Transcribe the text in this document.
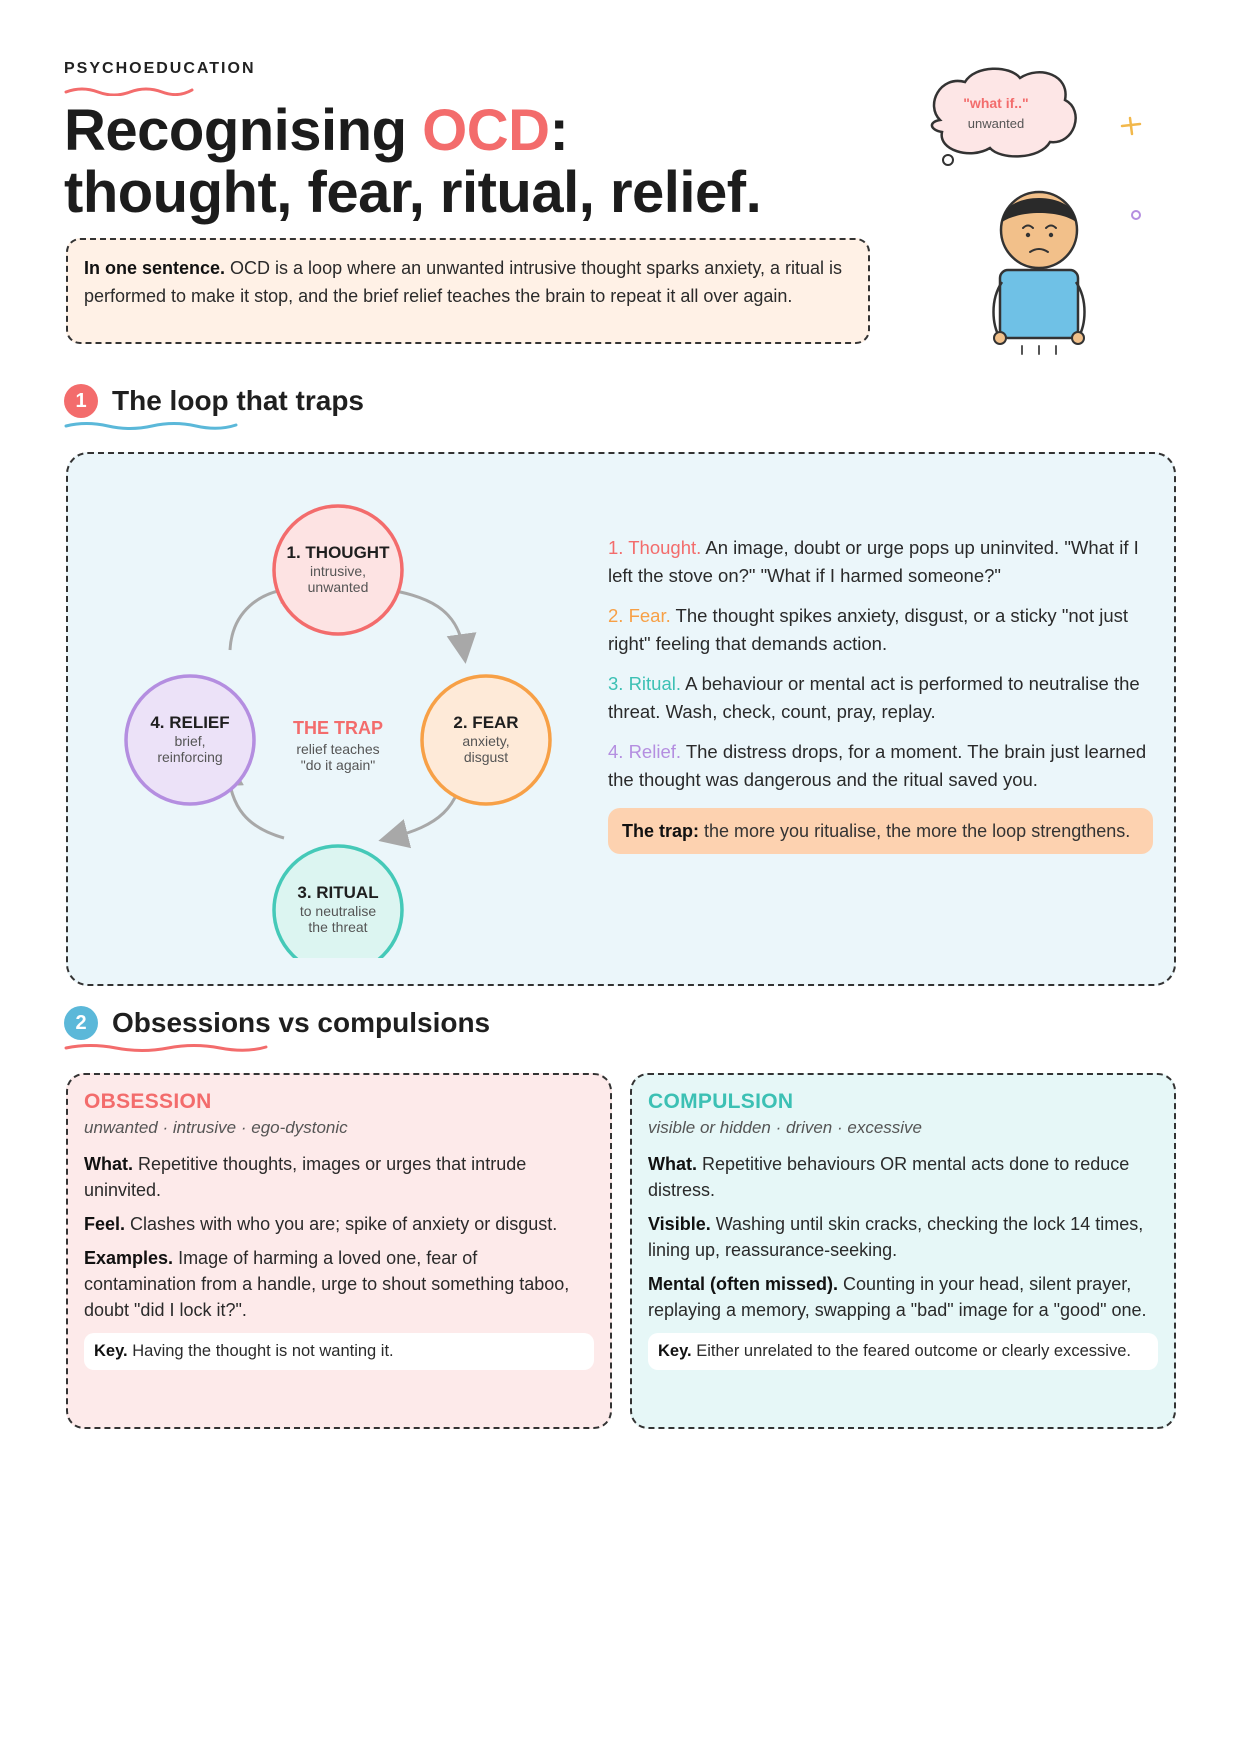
PSYCHOEDUCATION
Recognising OCD:
thought, fear, ritual, relief.
In one sentence. OCD is a loop where an unwanted intrusive thought sparks anxiety, a ritual is performed to make it stop, and the brief relief teaches the brain to repeat it all over again.
"what if.."
unwanted
1 The loop that traps
1. THOUGHT
intrusive,
unwanted
2. FEAR
anxiety,
disgust
3. RITUAL
to neutralise
the threat
4. RELIEF
brief,
reinforcing
THE TRAP
relief teaches
"do it again"
1. Thought. An image, doubt or urge pops up uninvited. "What if I left the stove on?" "What if I harmed someone?"
2. Fear. The thought spikes anxiety, disgust, or a sticky "not just right" feeling that demands action.
3. Ritual. A behaviour or mental act is performed to neutralise the threat. Wash, check, count, pray, replay.
4. Relief. The distress drops, for a moment. The brain just learned the thought was dangerous and the ritual saved you.
The trap: the more you ritualise, the more the loop strengthens.
2 Obsessions vs compulsions
OBSESSION
unwanted · intrusive · ego-dystonic
What. Repetitive thoughts, images or urges that intrude uninvited.
Feel. Clashes with who you are; spike of anxiety or disgust.
Examples. Image of harming a loved one, fear of contamination from a handle, urge to shout something taboo, doubt "did I lock it?".
Key. Having the thought is not wanting it.
COMPULSION
visible or hidden · driven · excessive
What. Repetitive behaviours OR mental acts done to reduce distress.
Visible. Washing until skin cracks, checking the lock 14 times, lining up, reassurance-seeking.
Mental (often missed). Counting in your head, silent prayer, replaying a memory, swapping a "bad" image for a "good" one.
Key. Either unrelated to the feared outcome or clearly excessive.
